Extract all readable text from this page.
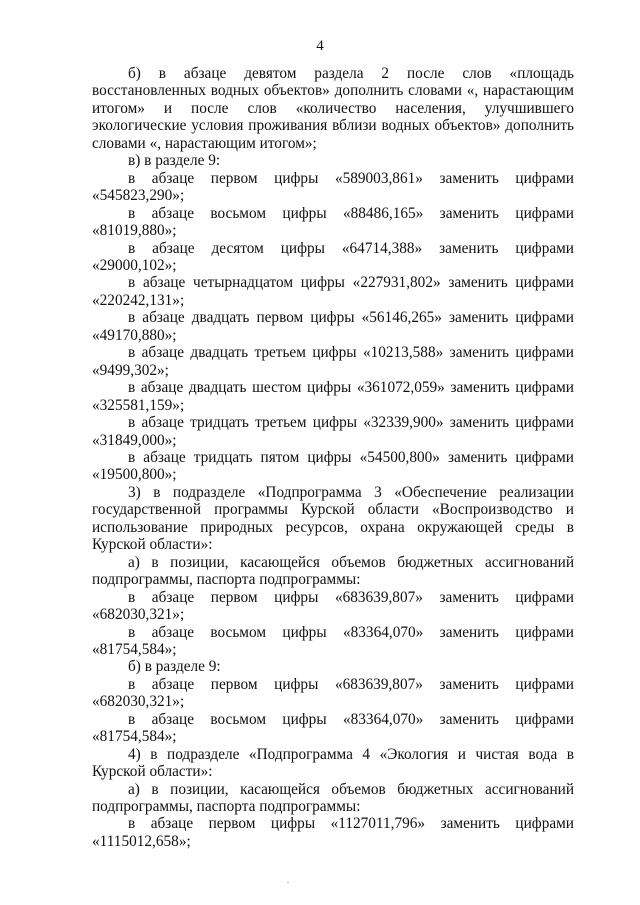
4

б) в абзаце девятом раздела 2 после слов «площадь восстановленных водных объектов» дополнить словами «, нарастающим итогом» и после слов «количество населения, улучшившего экологические условия проживания вблизи водных объектов» дополнить словами «, нарастающим итогом»;

в) в разделе 9:

в абзаце первом цифры «589003,861» заменить цифрами «545823,290»;

в абзаце восьмом цифры «88486,165» заменить цифрами «81019,880»;

в абзаце десятом цифры «64714,388» заменить цифрами «29000,102»;

в абзаце четырнадцатом цифры «227931,802» заменить цифрами «220242,131»;

в абзаце двадцать первом цифры «56146,265» заменить цифрами «49170,880»;

в абзаце двадцать третьем цифры «10213,588» заменить цифрами «9499,302»;

в абзаце двадцать шестом цифры «361072,059» заменить цифрами «325581,159»;

в абзаце тридцать третьем цифры «32339,900» заменить цифрами «31849,000»;

в абзаце тридцать пятом цифры «54500,800» заменить цифрами «19500,800»;

3) в подразделе «Подпрограмма 3 «Обеспечение реализации государственной программы Курской области «Воспроизводство и использование природных ресурсов, охрана окружающей среды в Курской области»:

а) в позиции, касающейся объемов бюджетных ассигнований подпрограммы, паспорта подпрограммы:

в абзаце первом цифры «683639,807» заменить цифрами «682030,321»;

в абзаце восьмом цифры «83364,070» заменить цифрами «81754,584»;

б) в разделе 9:

в абзаце первом цифры «683639,807» заменить цифрами «682030,321»;

в абзаце восьмом цифры «83364,070» заменить цифрами «81754,584»;

4) в подразделе «Подпрограмма 4 «Экология и чистая вода в Курской области»:

а) в позиции, касающейся объемов бюджетных ассигнований подпрограммы, паспорта подпрограммы:

в абзаце первом цифры «1127011,796» заменить цифрами «1115012,658»;
